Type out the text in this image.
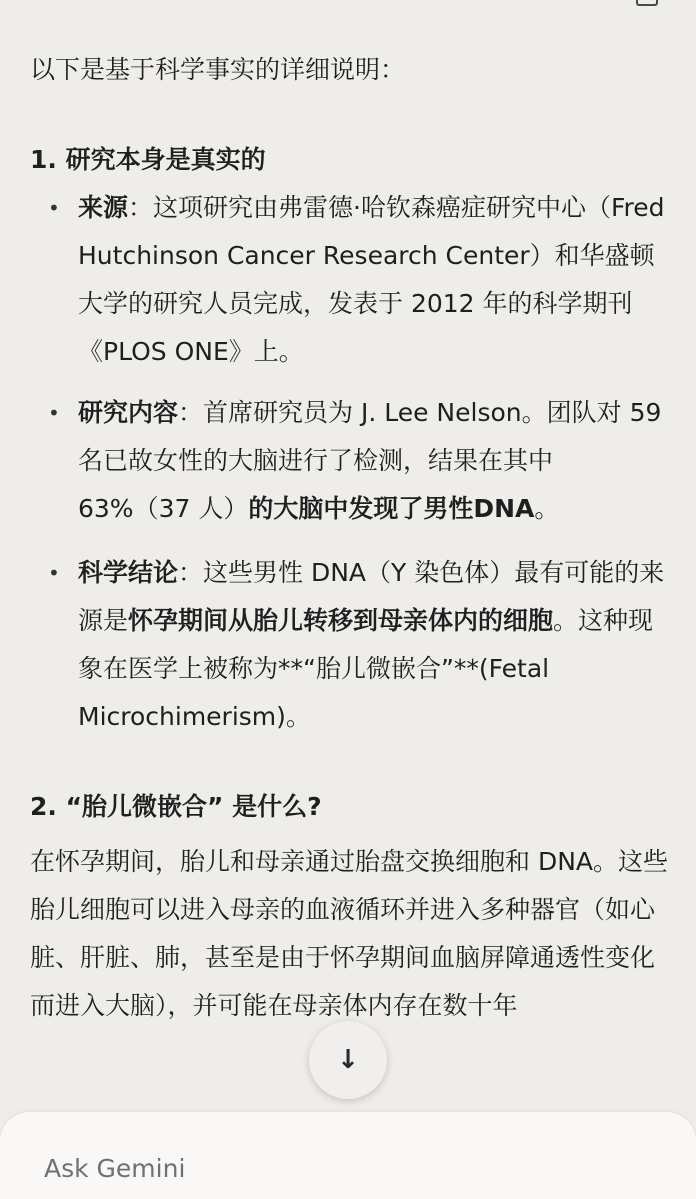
以下是基于科学事实的详细说明：
1. 研究本身是真实的
• 来源：这项研究由弗雷德·哈钦森癌症研究中心（Fred Hutchinson Cancer Research Center）和华盛顿大学的研究人员完成，发表于 2012 年的科学期刊《PLOS ONE》上。
• 研究内容：首席研究员为 J. Lee Nelson。团队对 59 名已故女性的大脑进行了检测，结果在其中 63%（37 人）的大脑中发现了男性DNA。
• 科学结论：这些男性 DNA（Y 染色体）最有可能的来源是怀孕期间从胎儿转移到母亲体内的细胞。这种现象在医学上被称为**“胎儿微嵌合”**(Fetal Microchimerism)。
2. “胎儿微嵌合” 是什么?
在怀孕期间，胎儿和母亲通过胎盘交换细胞和 DNA。这些胎儿细胞可以进入母亲的血液循环并进入多种器官（如心脏、肝脏、肺，甚至是由于怀孕期间血脑屏障通透性变化而进入大脑），并可能在母亲体内存在数十年
↓
Ask Gemini
